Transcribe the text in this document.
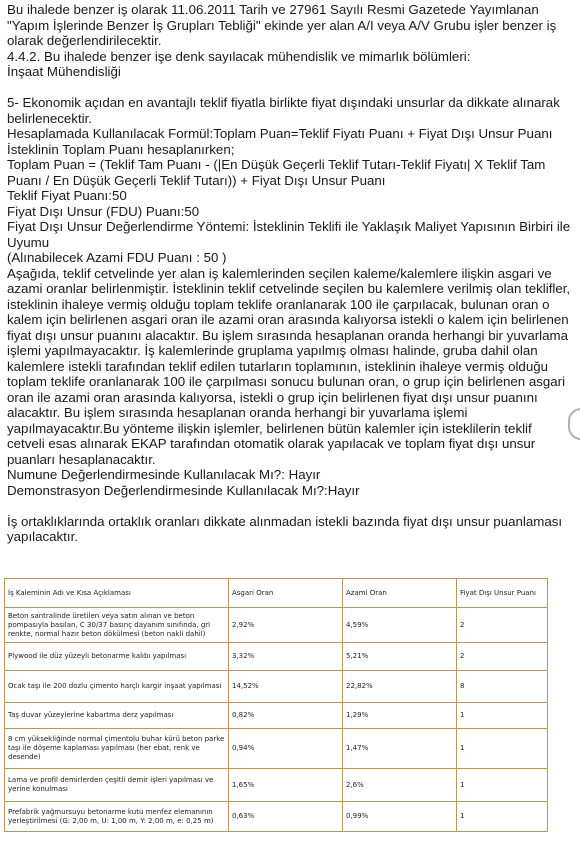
Bu ihalede benzer iş olarak 11.06.2011 Tarih ve 27961 Sayılı Resmi Gazetede Yayımlanan "Yapım İşlerinde Benzer İş Grupları Tebliği" ekinde yer alan A/I veya A/V Grubu işler benzer iş olarak değerlendirilecektir.

4.4.2. Bu ihalede benzer işe denk sayılacak mühendislik ve mimarlık bölümleri:

İnşaat Mühendisliği

5- Ekonomik açıdan en avantajlı teklif fiyatla birlikte fiyat dışındaki unsurlar da dikkate alınarak belirlenecektir.

Hesaplamada Kullanılacak Formül:Toplam Puan=Teklif Fiyatı Puanı + Fiyat Dışı Unsur Puanı

İsteklinin Toplam Puanı hesaplanırken;

Toplam Puan = (Teklif Tam Puanı - (|En Düşük Geçerli Teklif Tutarı-Teklif Fiyatı| X Teklif Tam Puanı / En Düşük Geçerli Teklif Tutarı)) + Fiyat Dışı Unsur Puanı

Teklif Fiyat Puanı:50

Fiyat Dışı Unsur (FDU) Puanı:50

Fiyat Dışı Unsur Değerlendirme Yöntemi: İsteklinin Teklifi ile Yaklaşık Maliyet Yapısının Birbiri ile Uyumu

(Alınabilecek Azami FDU Puanı : 50 )

Aşağıda, teklif cetvelinde yer alan iş kalemlerinden seçilen kaleme/kalemlere ilişkin asgari ve azami oranlar belirlenmiştir. İsteklinin teklif cetvelinde seçilen bu kalemlere verilmiş olan teklifler, isteklinin ihaleye vermiş olduğu toplam teklife oranlanarak 100 ile çarpılacak, bulunan oran o kalem için belirlenen asgari oran ile azami oran arasında kalıyorsa istekli o kalem için belirlenen fiyat dışı unsur puanını alacaktır. Bu işlem sırasında hesaplanan oranda herhangi bir yuvarlama işlemi yapılmayacaktır. İş kalemlerinde gruplama yapılmış olması halinde, gruba dahil olan kalemlere istekli tarafından teklif edilen tutarların toplamının, isteklinin ihaleye vermiş olduğu toplam teklife oranlanarak 100 ile çarpılması sonucu bulunan oran, o grup için belirlenen asgari oran ile azami oran arasında kalıyorsa, istekli o grup için belirlenen fiyat dışı unsur puanını alacaktır. Bu işlem sırasında hesaplanan oranda herhangi bir yuvarlama işlemi yapılmayacaktır.Bu yönteme ilişkin işlemler, belirlenen bütün kalemler için isteklilerin teklif cetveli esas alınarak EKAP tarafından otomatik olarak yapılacak ve toplam fiyat dışı unsur puanları hesaplanacaktır.

Numune Değerlendirmesinde Kullanılacak Mı?: Hayır

Demonstrasyon Değerlendirmesinde Kullanılacak Mı?:Hayır

İş ortaklıklarında ortaklık oranları dikkate alınmadan istekli bazında fiyat dışı unsur puanlaması yapılacaktır.

İş Kaleminin Adı ve Kısa Açıklaması	Asgari Oran	Azami Oran	Fiyat Dışı Unsur Puanı
Beton santralinde üretilen veya satın alınan ve beton pompasıyla basılan, C 30/37 basınç dayanım sınıfında, gri renkte, normal hazır beton dökülmesi (beton nakli dahil)	2,92%	4,59%	2
Plywood ile düz yüzeyli betonarme kalıbı yapılması	3,32%	5,21%	2
Ocak taşı ile 200 dozlu çimento harçlı kargir inşaat yapılması	14,52%	22,82%	8
Taş duvar yüzeylerine kabartma derz yapılması	0,82%	1,29%	1
8 cm yüksekliğinde normal çimentolu buhar kürü beton parke taşı ile döşeme kaplaması yapılması (her ebat, renk ve desende)	0,94%	1,47%	1
Lama ve profil demirlerden çeşitli demir işleri yapılması ve yerine konulması	1,65%	2,6%	1
Prefabrik yağmursuyu betonarme kutu menfez elemanının yerleştirilmesi (G: 2,00 m, U: 1,00 m, Y: 2,00 m, e: 0,25 m)	0,63%	0,99%	1
